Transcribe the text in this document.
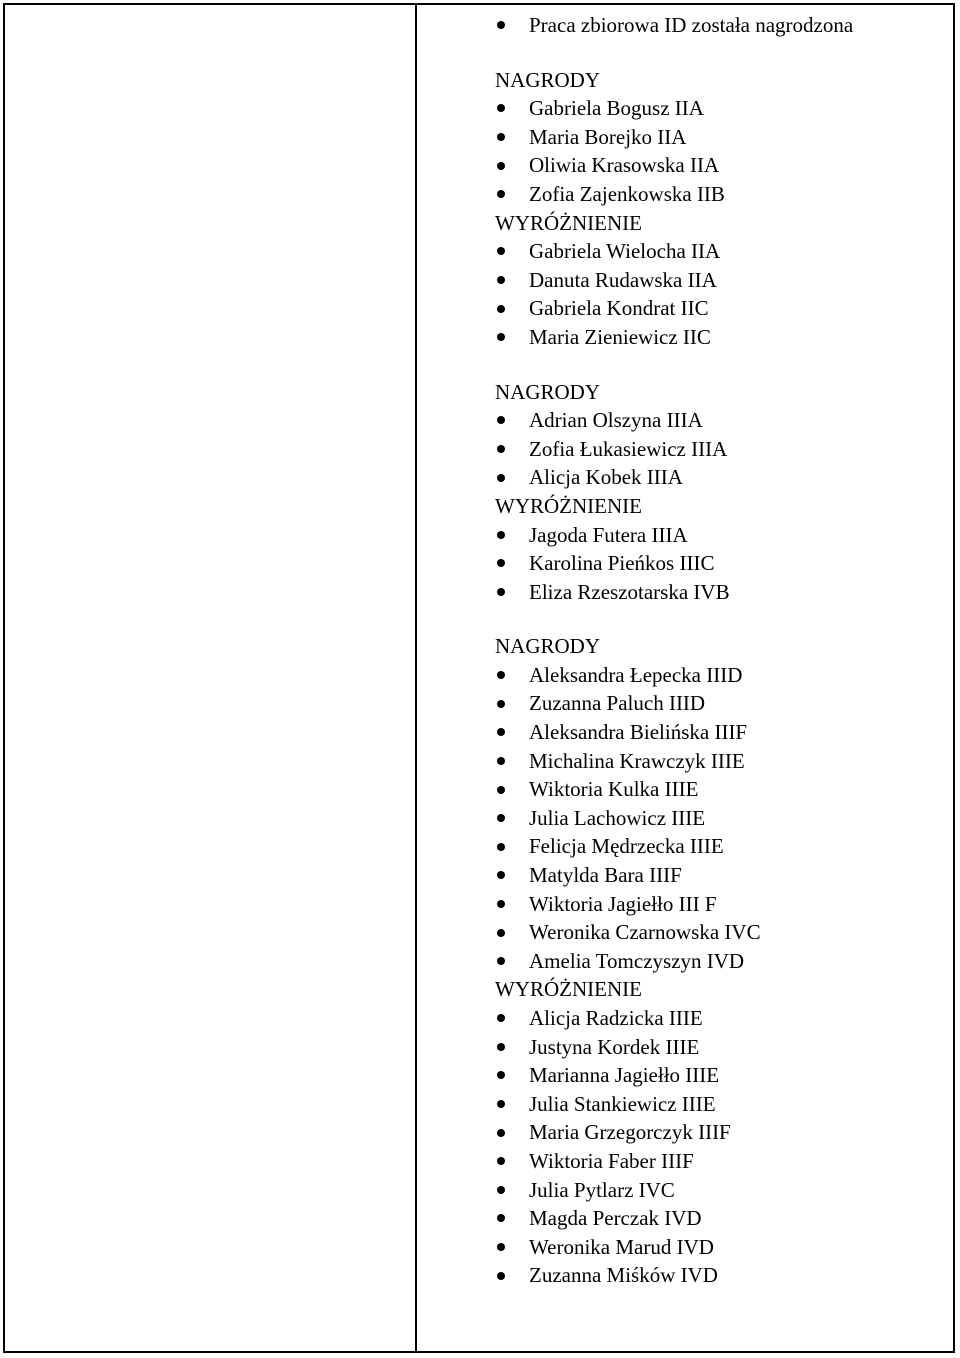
Praca zbiorowa ID została nagrodzona
NAGRODY
Gabriela Bogusz IIA
Maria Borejko IIA
Oliwia Krasowska IIA
Zofia Zajenkowska IIB
WYRÓŻNIENIE
Gabriela Wielocha IIA
Danuta Rudawska IIA
Gabriela Kondrat IIC
Maria Zieniewicz IIC
NAGRODY
Adrian Olszyna IIIA
Zofia Łukasiewicz IIIA
Alicja Kobek IIIA
WYRÓŻNIENIE
Jagoda Futera IIIA
Karolina Pieńkos IIIC
Eliza Rzeszotarska IVB
NAGRODY
Aleksandra Łepecka IIID
Zuzanna Paluch IIID
Aleksandra Bielińska IIIF
Michalina Krawczyk IIIE
Wiktoria Kulka IIIE
Julia Lachowicz IIIE
Felicja Mędrzecka IIIE
Matylda Bara IIIF
Wiktoria Jagiełło III F
Weronika Czarnowska IVC
Amelia Tomczyszyn IVD
WYRÓŻNIENIE
Alicja Radzicka IIIE
Justyna Kordek IIIE
Marianna Jagiełło IIIE
Julia Stankiewicz IIIE
Maria Grzegorczyk IIIF
Wiktoria Faber IIIF
Julia Pytlarz IVC
Magda Perczak IVD
Weronika Marud IVD
Zuzanna Miśków IVD
